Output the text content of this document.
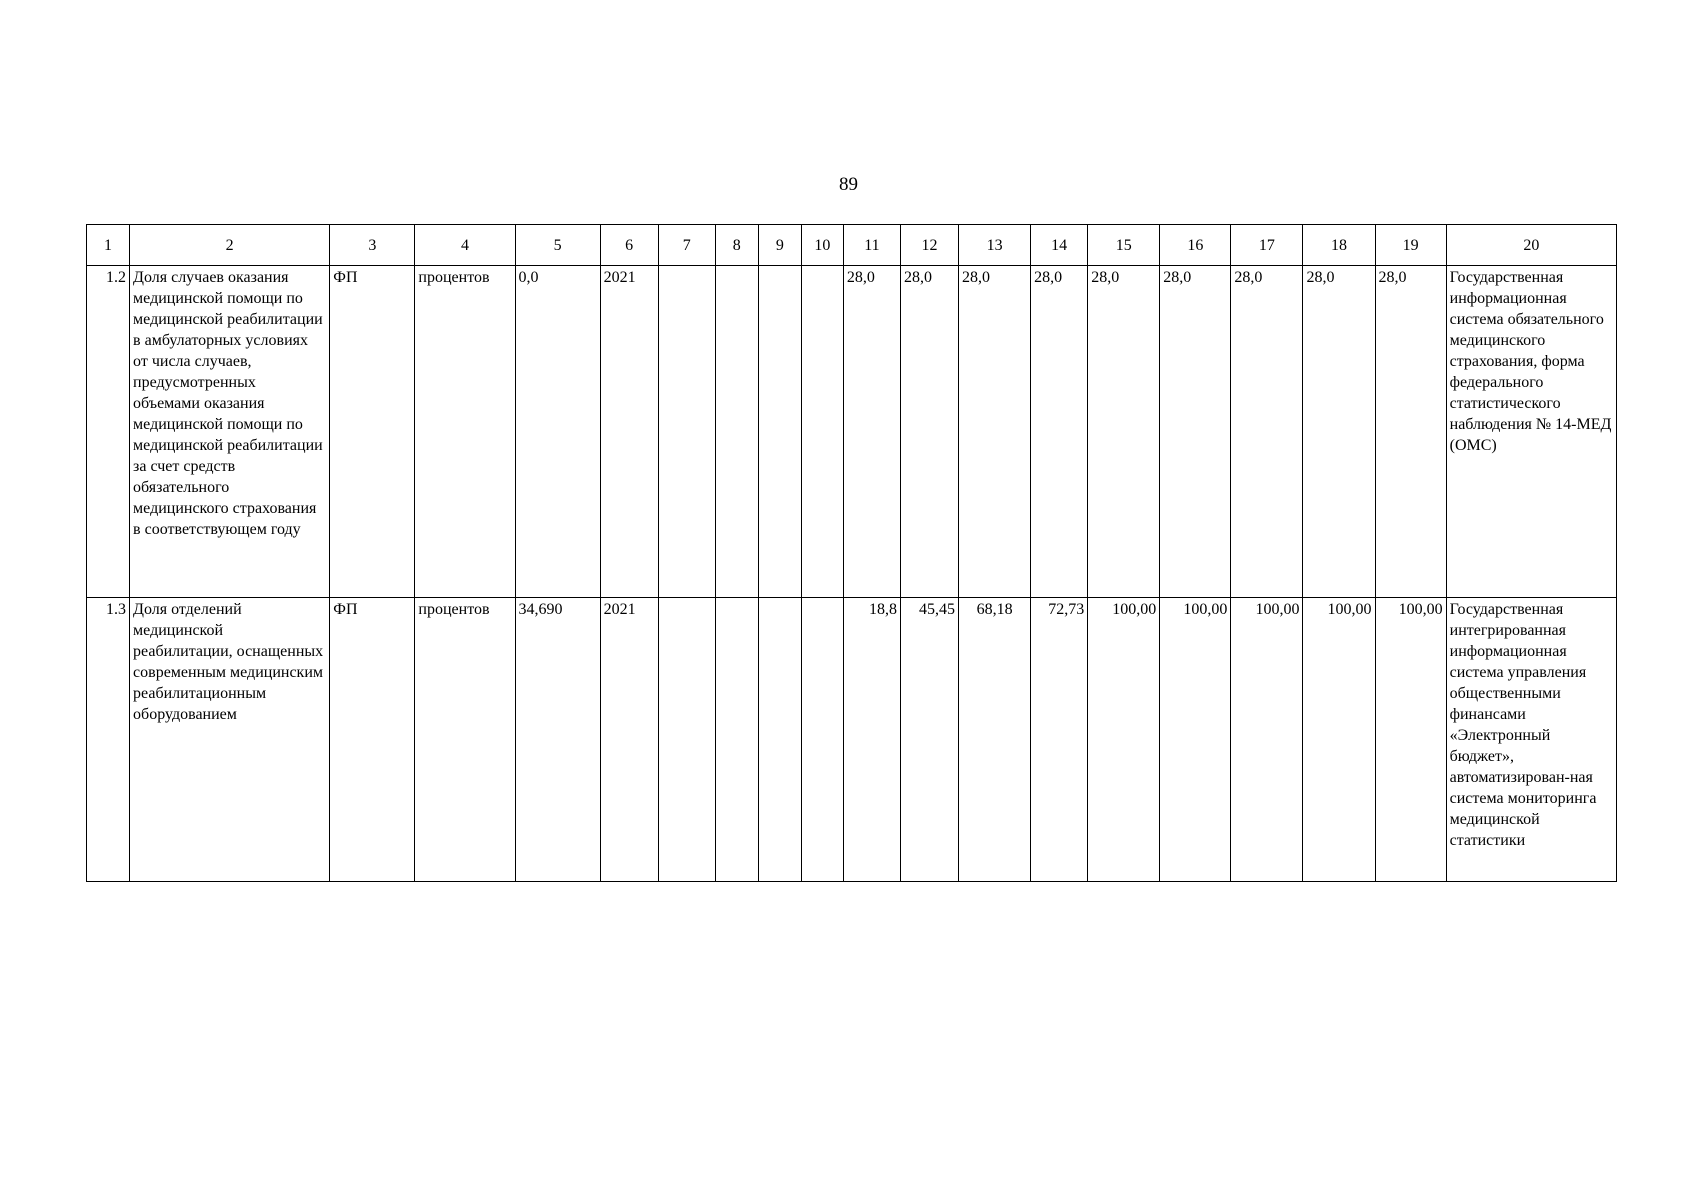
89
1	2	3	4	5	6	7	8	9	10	11	12	13	14	15	16	17	18	19	20
1.2	Доля случаев оказания медицинской помощи по медицинской реабилитации в амбулаторных условиях от числа случаев, предусмотренных объемами оказания медицинской помощи по медицинской реабилитации за счет средств обязательного медицинского страхования в соответствующем году	ФП	процентов	0,0	2021					28,0	28,0	28,0	28,0	28,0	28,0	28,0	28,0	28,0	Государственная информационная система обязательного медицинского страхования, форма федерального статистического наблюдения № 14-МЕД (ОМС)
1.3	Доля отделений медицинской реабилитации, оснащенных современным медицинским реабилитационным оборудованием	ФП	процентов	34,690	2021					18,8	45,45	68,18	72,73	100,00	100,00	100,00	100,00	100,00	Государственная интегрированная информационная система управления общественными финансами «Электронный бюджет», автоматизирован-ная система мониторинга медицинской статистики
